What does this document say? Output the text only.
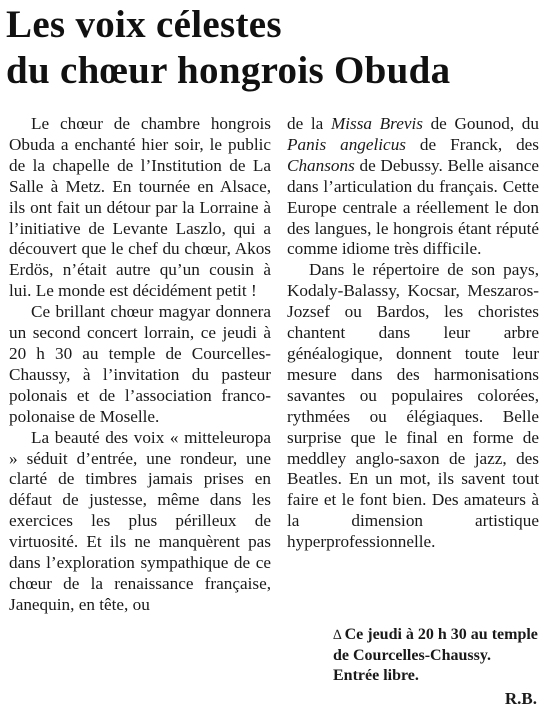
Les voix célestes
du chœur hongrois Obuda

Le chœur de chambre hongrois Obuda a enchanté hier soir, le public de la chapelle de l’Institution de La Salle à Metz. En tournée en Alsace, ils ont fait un détour par la Lorraine à l’initiative de Levante Laszlo, qui a découvert que le chef du chœur, Akos Erdös, n’était autre qu’un cousin à lui. Le monde est décidément petit !

Ce brillant chœur magyar donnera un second concert lorrain, ce jeudi à 20 h 30 au temple de Courcelles-Chaussy, à l’invitation du pasteur polonais et de l’association franco-polonaise de Moselle.

La beauté des voix « mitteleuropa » séduit d’entrée, une rondeur, une clarté de timbres jamais prises en défaut de justesse, même dans les exercices les plus périlleux de virtuosité. Et ils ne manquèrent pas dans l’exploration sympathique de ce chœur de la renaissance française, Janequin, en tête, ou

de la Missa Brevis de Gounod, du Panis angelicus de Franck, des Chansons de Debussy. Belle aisance dans l’articulation du français. Cette Europe centrale a réellement le don des langues, le hongrois étant réputé comme idiome très difficile.

Dans le répertoire de son pays, Kodaly-Balassy, Kocsar, Meszaros-Jozsef ou Bardos, les choristes chantent dans leur arbre généalogique, donnent toute leur mesure dans des harmonisations savantes ou populaires colorées, rythmées ou élégiaques. Belle surprise que le final en forme de meddley anglo-saxon de jazz, des Beatles. En un mot, ils savent tout faire et le font bien. Des amateurs à la dimension artistique hyperprofessionnelle.

∆ Ce jeudi à 20 h 30 au temple de Courcelles-Chaussy. Entrée libre.
R.B.
